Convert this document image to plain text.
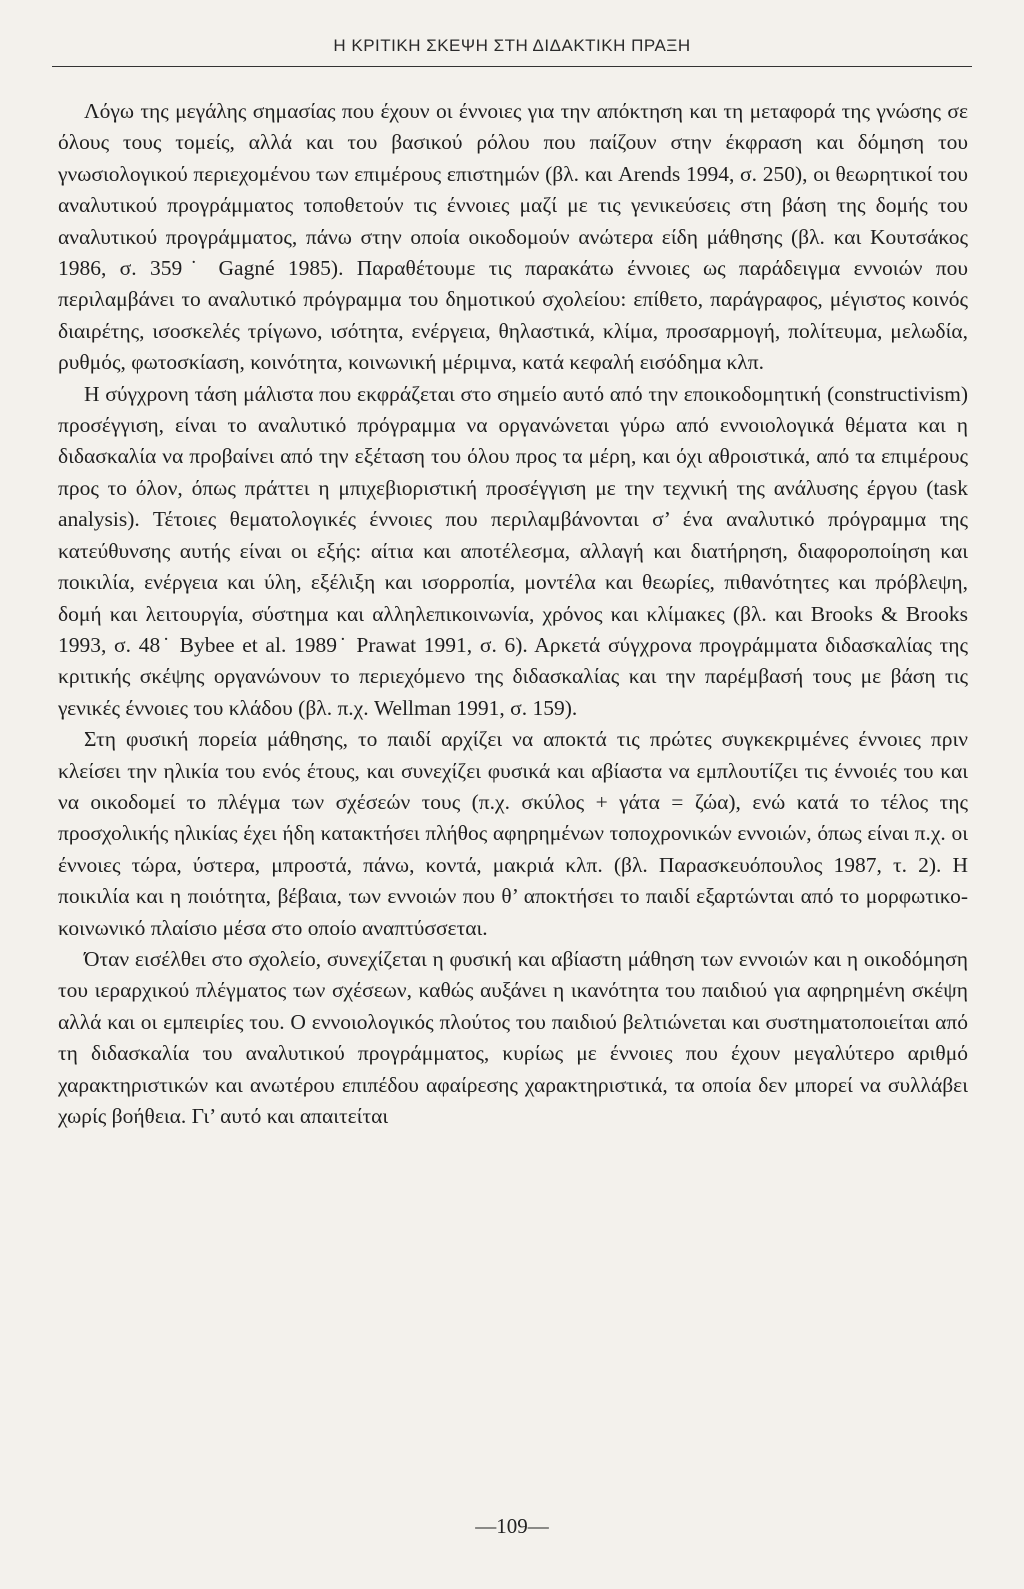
Η ΚΡΙΤΙΚΗ ΣΚΕΨΗ ΣΤΗ ΔΙΔΑΚΤΙΚΗ ΠΡΑΞΗ

Λόγω της μεγάλης σημασίας που έχουν οι έννοιες για την απόκτηση και τη μεταφορά της γνώσης σε όλους τους τομείς, αλλά και του βασικού ρόλου που παίζουν στην έκφραση και δόμηση του γνωσιολογικού περιεχομένου των επιμέρους επιστημών (βλ. και Arends 1994, σ. 250), οι θεωρητικοί του αναλυτικού προγράμματος τοποθετούν τις έννοιες μαζί με τις γενικεύσεις στη βάση της δομής του αναλυτικού προγράμματος, πάνω στην οποία οικοδομούν ανώτερα είδη μάθησης (βλ. και Κουτσάκος 1986, σ. 359˙ Gagné 1985). Παραθέτουμε τις παρακάτω έννοιες ως παράδειγμα εννοιών που περιλαμβάνει το αναλυτικό πρόγραμμα του δημοτικού σχολείου: επίθετο, παράγραφος, μέγιστος κοινός διαιρέτης, ισοσκελές τρίγωνο, ισότητα, ενέργεια, θηλαστικά, κλίμα, προσαρμογή, πολίτευμα, μελωδία, ρυθμός, φωτοσκίαση, κοινότητα, κοινωνική μέριμνα, κατά κεφαλή εισόδημα κλπ.

Η σύγχρονη τάση μάλιστα που εκφράζεται στο σημείο αυτό από την εποικοδομητική (constructivism) προσέγγιση, είναι το αναλυτικό πρόγραμμα να οργανώνεται γύρω από εννοιολογικά θέματα και η διδασκαλία να προβαίνει από την εξέταση του όλου προς τα μέρη, και όχι αθροιστικά, από τα επιμέρους προς το όλον, όπως πράττει η μπιχεβιοριστική προσέγγιση με την τεχνική της ανάλυσης έργου (task analysis). Τέτοιες θεματολογικές έννοιες που περιλαμβάνονται σ’ ένα αναλυτικό πρόγραμμα της κατεύθυνσης αυτής είναι οι εξής: αίτια και αποτέλεσμα, αλλαγή και διατήρηση, διαφοροποίηση και ποικιλία, ενέργεια και ύλη, εξέλιξη και ισορροπία, μοντέλα και θεωρίες, πιθανότητες και πρόβλεψη, δομή και λειτουργία, σύστημα και αλληλεπικοινωνία, χρόνος και κλίμακες (βλ. και Brooks & Brooks 1993, σ. 48˙ Bybee et al. 1989˙ Prawat 1991, σ. 6). Αρκετά σύγχρονα προγράμματα διδασκαλίας της κριτικής σκέψης οργανώνουν το περιεχόμενο της διδασκαλίας και την παρέμβασή τους με βάση τις γενικές έννοιες του κλάδου (βλ. π.χ. Wellman 1991, σ. 159).

Στη φυσική πορεία μάθησης, το παιδί αρχίζει να αποκτά τις πρώτες συγκεκριμένες έννοιες πριν κλείσει την ηλικία του ενός έτους, και συνεχίζει φυσικά και αβίαστα να εμπλουτίζει τις έννοιές του και να οικοδομεί το πλέγμα των σχέσεών τους (π.χ. σκύλος + γάτα = ζώα), ενώ κατά το τέλος της προσχολικής ηλικίας έχει ήδη κατακτήσει πλήθος αφηρημένων τοποχρονικών εννοιών, όπως είναι π.χ. οι έννοιες τώρα, ύστερα, μπροστά, πάνω, κοντά, μακριά κλπ. (βλ. Παρασκευόπουλος 1987, τ. 2). Η ποικιλία και η ποιότητα, βέβαια, των εννοιών που θ’ αποκτήσει το παιδί εξαρτώνται από το μορφωτικο-κοινωνικό πλαίσιο μέσα στο οποίο αναπτύσσεται.

Όταν εισέλθει στο σχολείο, συνεχίζεται η φυσική και αβίαστη μάθηση των εννοιών και η οικοδόμηση του ιεραρχικού πλέγματος των σχέσεων, καθώς αυξάνει η ικανότητα του παιδιού για αφηρημένη σκέψη αλλά και οι εμπειρίες του. Ο εννοιολογικός πλούτος του παιδιού βελτιώνεται και συστηματοποιείται από τη διδασκαλία του αναλυτικού προγράμματος, κυρίως με έννοιες που έχουν μεγαλύτερο αριθμό χαρακτηριστικών και ανωτέρου επιπέδου αφαίρεσης χαρακτηριστικά, τα οποία δεν μπορεί να συλλάβει χωρίς βοήθεια. Γι’ αυτό και απαιτείται

—109—
